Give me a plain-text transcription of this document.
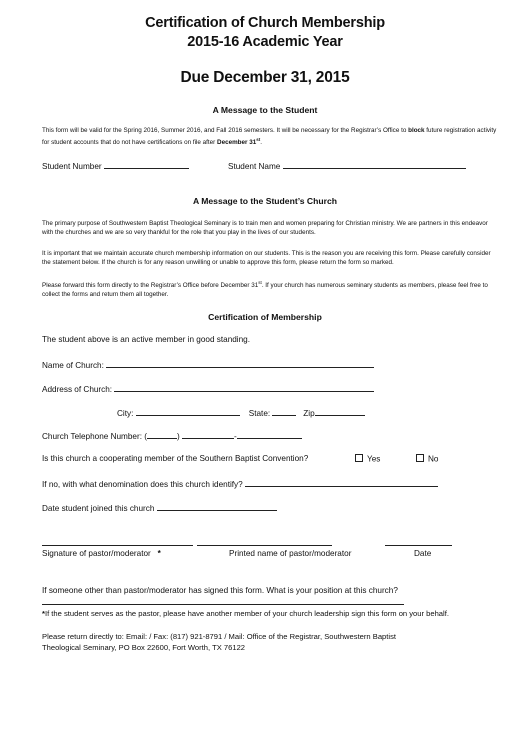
Certification of Church Membership
2015-16 Academic Year
Due December 31, 2015
A Message to the Student
This form will be valid for the Spring 2016, Summer 2016, and Fall 2016 semesters. It will be necessary for the Registrar’s Office to block future registration activity for student accounts that do not have certifications on file after December 31st.
Student Number	Student Name
A Message to the Student’s Church
The primary purpose of Southwestern Baptist Theological Seminary is to train men and women preparing for Christian ministry. We are partners in this endeavor with the churches and we are so very thankful for the role that you play in the lives of our students.
It is important that we maintain accurate church membership information on our students. This is the reason you are receiving this form. Please carefully consider the statement below. If the church is for any reason unwilling or unable to approve this form, please return the form so marked.
Please forward this form directly to the Registrar’s Office before December 31st. If your church has numerous seminary students as members, please feel free to collect the forms and return them all together.
Certification of Membership
The student above is an active member in good standing.
Name of Church:
Address of Church:
City:	State:	Zip
Church Telephone Number: (	)	-
Is this church a cooperating member of the Southern Baptist Convention?	Yes	No
If no, with what denomination does this church identify?
Date student joined this church
Signature of pastor/moderator *	Printed name of pastor/moderator	Date
If someone other than pastor/moderator has signed this form. What is your position at this church?
*If the student serves as the pastor, please have another member of your church leadership sign this form on your behalf.
Please return directly to: Email: / Fax: (817) 921-8791 / Mail: Office of the Registrar, Southwestern Baptist
Theological Seminary, PO Box 22600, Fort Worth, TX 76122
